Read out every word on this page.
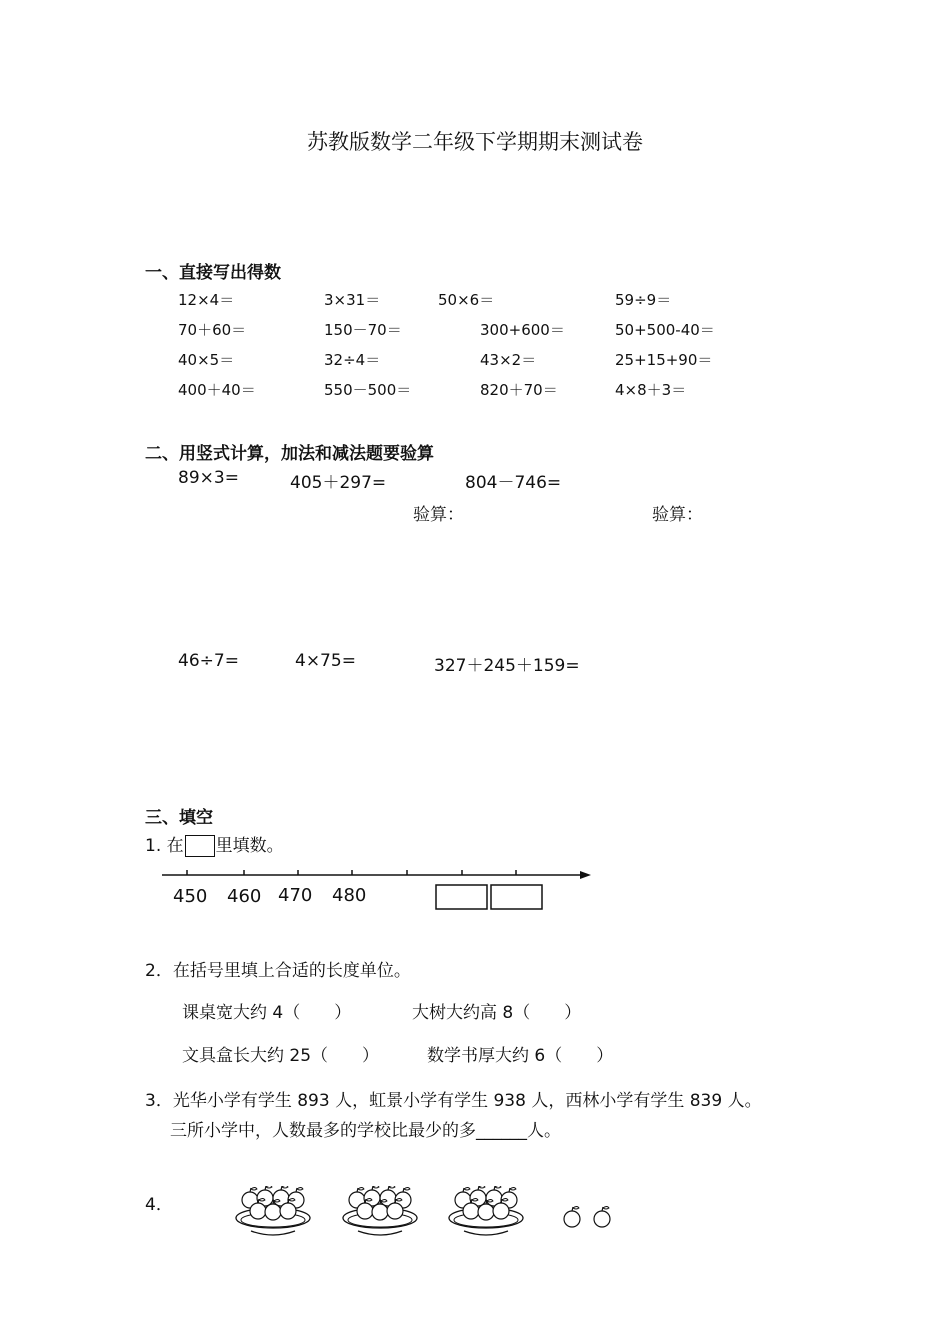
苏教版数学二年级下学期期末测试卷
一、直接写出得数
12×4＝	3×31＝	50×6＝	59÷9＝
70＋60＝	150－70＝	300+600＝	50+500-40＝
40×5＝	32÷4＝	43×2＝	25+15+90＝
400＋40＝	550－500＝	820＋70＝	4×8＋3＝
二、用竖式计算，加法和减法题要验算
89×3=	405＋297=	804－746=
验算：	验算：
46÷7=	4×75=	327＋245＋159=
三、填空
1. 在 里填数。
450 460 470 480
2．在括号里填上合适的长度单位。
课桌宽大约 4（　　）	大树大约高 8（　　）
文具盒长大约 25（　　）	数学书厚大约 6（　　）
3．光华小学有学生 893 人，虹景小学有学生 938 人，西林小学有学生 839 人。
三所小学中，人数最多的学校比最少的多______人。
4．
